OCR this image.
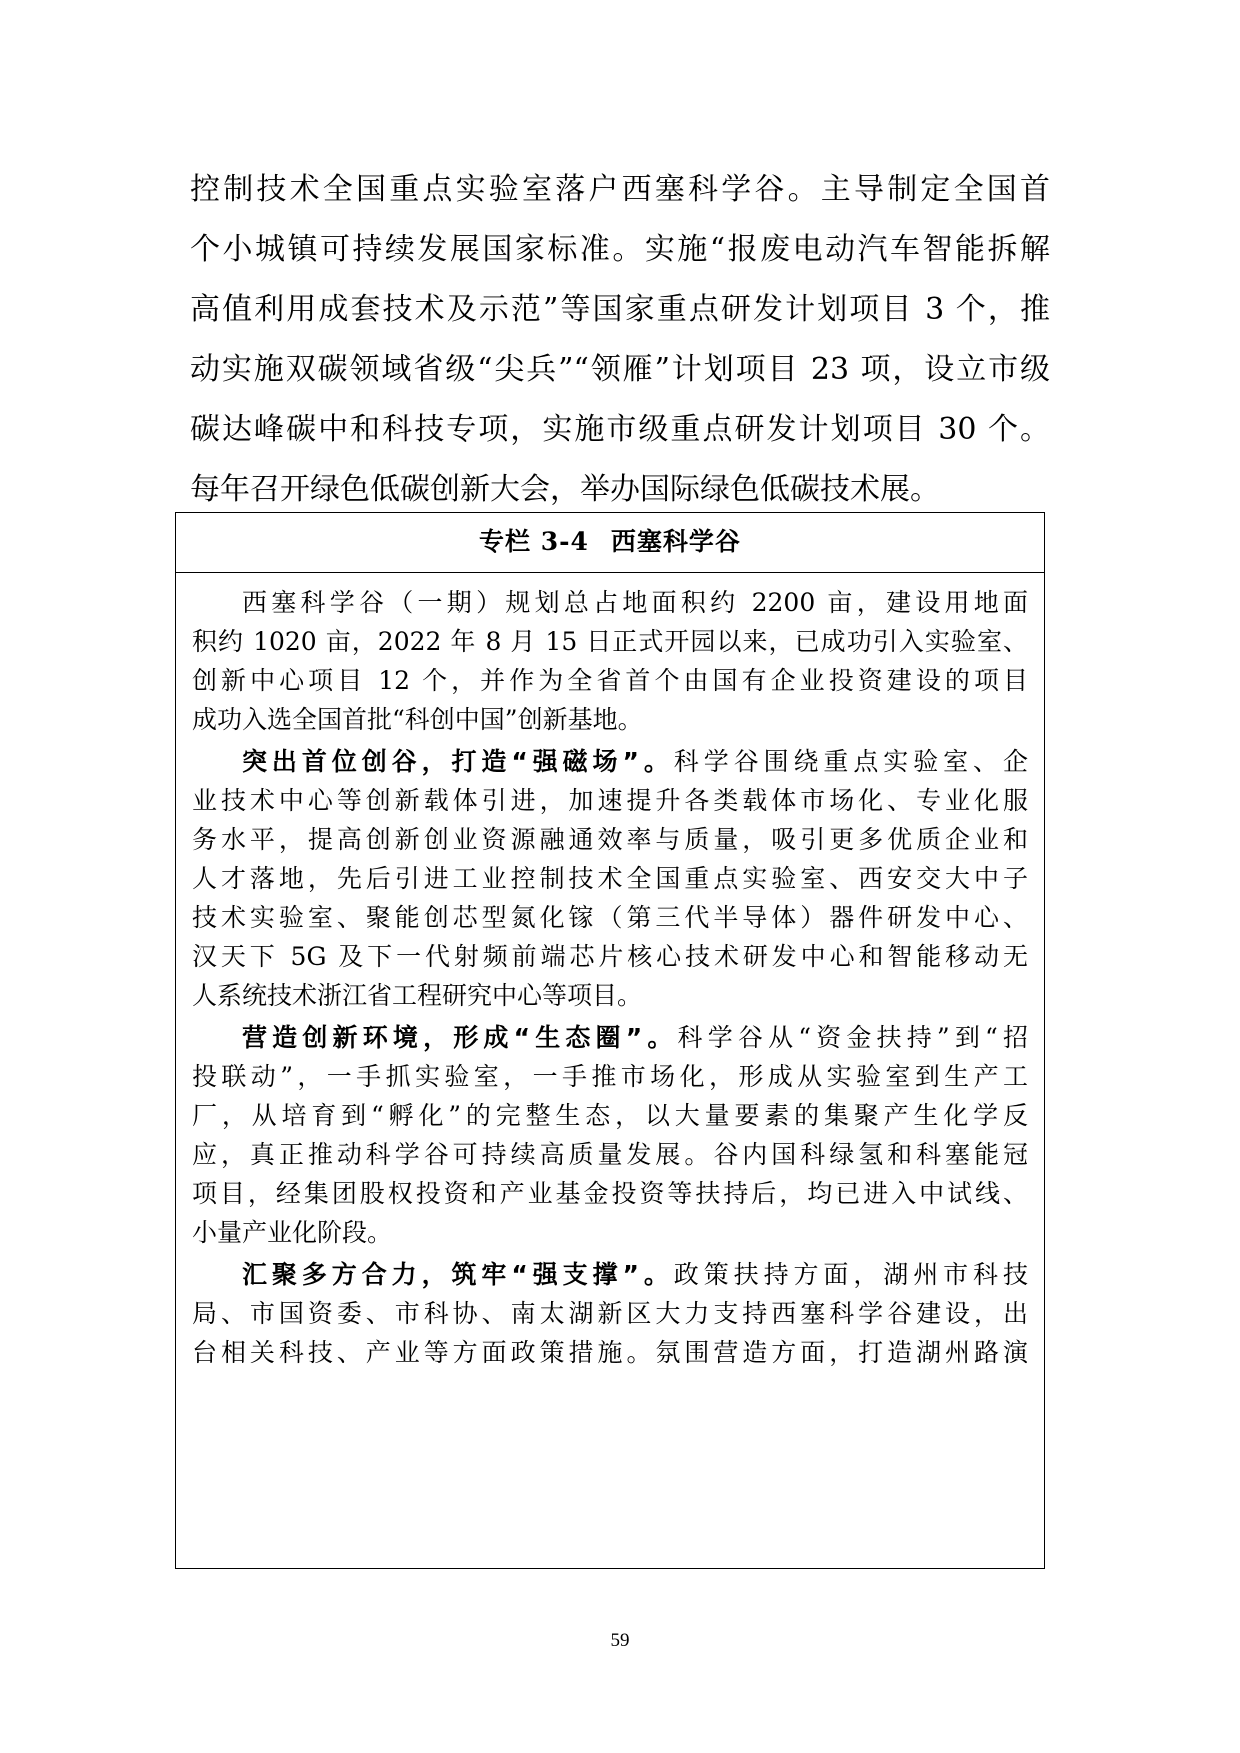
控制技术全国重点实验室落户西塞科学谷。主导制定全国首
个小城镇可持续发展国家标准。实施“报废电动汽车智能拆解
高值利用成套技术及示范”等国家重点研发计划项目 3 个，推
动实施双碳领域省级“尖兵”“领雁”计划项目 23 项，设立市级
碳达峰碳中和科技专项，实施市级重点研发计划项目 30 个。
每年召开绿色低碳创新大会，举办国际绿色低碳技术展。
专栏 3-4 西塞科学谷
西塞科学谷（一期）规划总占地面积约 2200 亩，建设用地面
积约 1020 亩，2022 年 8 月 15 日正式开园以来，已成功引入实验室、
创新中心项目 12 个，并作为全省首个由国有企业投资建设的项目
成功入选全国首批“科创中国”创新基地。
突出首位创谷，打造“强磁场”。科学谷围绕重点实验室、企
业技术中心等创新载体引进，加速提升各类载体市场化、专业化服
务水平，提高创新创业资源融通效率与质量，吸引更多优质企业和
人才落地，先后引进工业控制技术全国重点实验室、西安交大中子
技术实验室、聚能创芯型氮化镓（第三代半导体）器件研发中心、
汉天下 5G 及下一代射频前端芯片核心技术研发中心和智能移动无
人系统技术浙江省工程研究中心等项目。
营造创新环境，形成“生态圈”。科学谷从“资金扶持”到“招
投联动”，一手抓实验室，一手推市场化，形成从实验室到生产工
厂，从培育到“孵化”的完整生态，以大量要素的集聚产生化学反
应，真正推动科学谷可持续高质量发展。谷内国科绿氢和科塞能冠
项目，经集团股权投资和产业基金投资等扶持后，均已进入中试线、
小量产业化阶段。
汇聚多方合力，筑牢“强支撑”。政策扶持方面，湖州市科技
局、市国资委、市科协、南太湖新区大力支持西塞科学谷建设，出
台相关科技、产业等方面政策措施。氛围营造方面，打造湖州路演
59
